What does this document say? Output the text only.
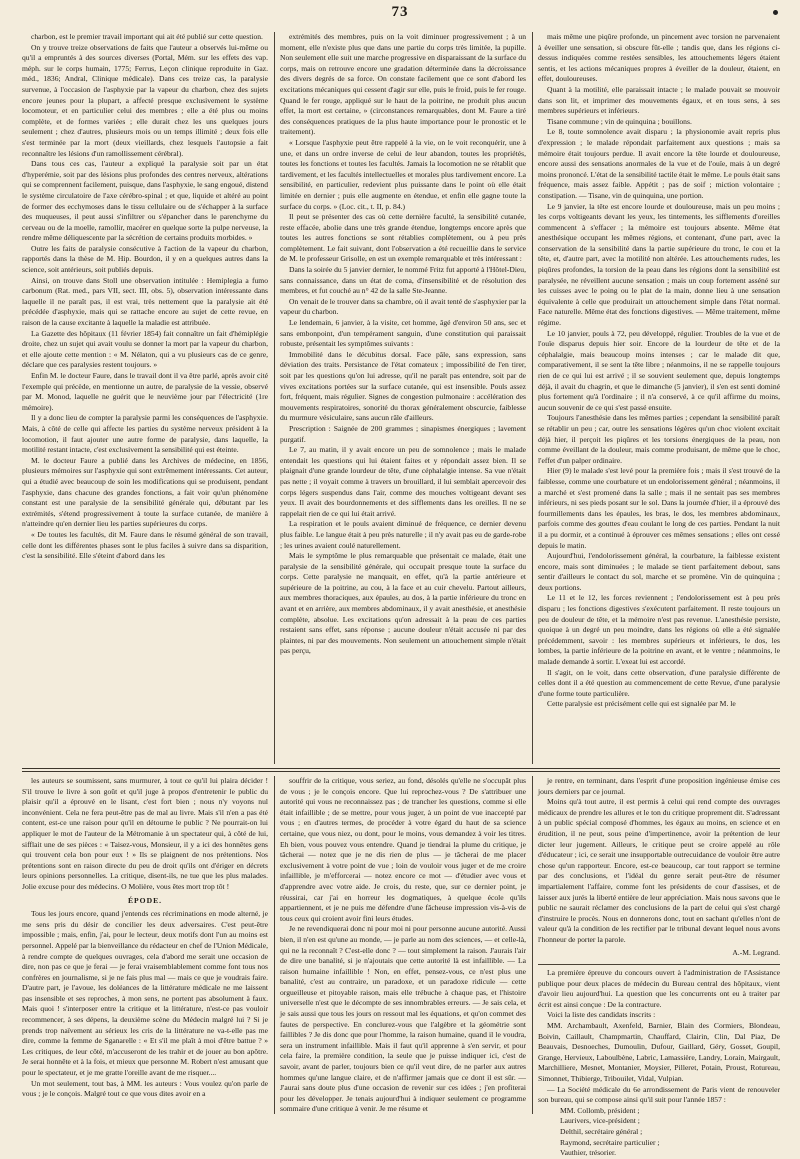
73

charbon, est le premier travail important qui ait été publié sur cette question.

On y trouve treize observations de faits que l'auteur a observés lui-même ou qu'il a empruntés à des sources diverses (Portal, Mém. sur les effets des vap. méph. sur le corps humain, 1775; Ferrus, Leçon clinique reproduite in Gaz. méd., 1836; Andral, Clinique médicale). Dans ces treize cas, la paralysie survenue, à l'occasion de l'asphyxie par la vapeur du charbon, chez des sujets encore jeunes pour la plupart, a affecté presque exclusivement le système locomoteur, et en particulier celui des membres ; elle a été plus ou moins complète, et de formes variées ; elle durait chez les uns quelques jours seulement ; chez d'autres, plusieurs mois ou un temps illimité ; deux fois elle s'est terminée par la mort (deux vieillards, chez lesquels l'autopsie a fait reconnaître les lésions d'un ramollissement cérébral).

Dans tous ces cas, l'auteur a expliqué la paralysie soit par un état d'hyperémie, soit par des lésions plus profondes des centres nerveux, altérations qui se comprennent facilement, puisque, dans l'asphyxie, le sang engoué, distend le système circulatoire de l'axe cérébro-spinal ; et que, liquide et altéré au point de former des ecchymoses dans le tissu cellulaire ou de s'échapper à la surface des muqueuses, il peut aussi s'infiltrer ou s'épancher dans le parenchyme du cerveau ou de la moelle, ramollir, macérer en quelque sorte la pulpe nerveuse, la rendre même déliquescente par la sécrétion de certains produits morbides. »

Outre les faits de paralysie consécutive à l'action de la vapeur du charbon, rapportés dans la thèse de M. Hip. Bourdon, il y en a quelques autres dans la science, soit antérieurs, soit publiés depuis.

Ainsi, on trouve dans Stoll une observation intitulée : Hemiplegia a fumo carbonum (Rat. med., pars VII, sect. III, obs. 5), observation intéressante dans laquelle il ne paraît pas, il est vrai, très nettement que la paralysie ait été précédée d'asphyxie, mais qui se rattache encore au sujet de cette revue, en raison de la cause excitante à laquelle la maladie est attribuée.

La Gazette des hôpitaux (11 février 1854) fait connaître un fait d'hémiplégie droite, chez un sujet qui avait voulu se donner la mort par la vapeur du charbon, et elle ajoute cette mention : « M. Nélaton, qui a vu plusieurs cas de ce genre, déclare que ces paralysies restent toujours. »

Enfin M. le docteur Faure, dans le travail dont il va être parlé, après avoir cité l'exemple qui précède, en mentionne un autre, de paralysie de la vessie, observé par M. Monod, laquelle ne guérit que le neuvième jour par l'électricité (1re mémoire).

Il y a donc lieu de compter la paralysie parmi les conséquences de l'asphyxie. Mais, à côté de celle qui affecte les parties du système nerveux président à la locomotion, il faut ajouter une autre forme de paralysie, dans laquelle, la motilité restant intacte, c'est exclusivement la sensibilité qui est éteinte.

M. le docteur Faure a publié dans les Archives de médecine, en 1856, plusieurs mémoires sur l'asphyxie qui sont extrêmement intéressants. Cet auteur, qui a étudié avec beaucoup de soin les modifications qui se produisent, pendant l'asphyxie, dans chacune des grandes fonctions, a fait voir qu'un phénomène constant est une paralysie de la sensibilité générale qui, débutant par les extrémités, s'étend progressivement à toute la surface cutanée, de manière à n'atteindre qu'en dernier lieu les parties supérieures du corps.

« De toutes les facultés, dit M. Faure dans le résumé général de son travail, celle dont les différentes phases sont le plus faciles à suivre dans sa disparition, c'est la sensibilité. Elle s'éteint d'abord dans les

extrémités des membres, puis on la voit diminuer progressivement ; à un moment, elle n'existe plus que dans une partie du corps très limitée, la pupille. Non seulement elle suit une marche progressive en disparaissant de la surface du corps, mais on retrouve encore une gradation déterminée dans la décroissance des divers degrés de sa force. On constate facilement que ce sont d'abord les excitations mécaniques qui cessent d'agir sur elle, puis le froid, puis le fer rouge. Quand le fer rouge, appliqué sur le haut de la poitrine, ne produit plus aucun effet, la mort est certaine, » (circonstances remarquables, dont M. Faure a tiré des conséquences pratiques de la plus haute importance pour le pronostic et le traitement).

« Lorsque l'asphyxie peut être rappelé à la vie, on le voit reconquérir, une à une, et dans un ordre inverse de celui de leur abandon, toutes les propriétés, toutes les fonctions et toutes les facultés. Jamais la locomotion ne se rétablit que tardivement, et les facultés intellectuelles et morales plus tardivement encore. La sensibilité, en particulier, redevient plus puissante dans le point où elle était limitée en dernier ; puis elle augmente en étendue, et enfin elle gagne toute la surface du corps. » (Loc. cit., t. II, p. 84.)

Il peut se présenter des cas où cette dernière faculté, la sensibilité cutanée, reste effacée, abolie dans une très grande étendue, longtemps encore après que toutes les autres fonctions se sont rétablies complètement, ou à peu près complètement. Le fait suivant, dont l'observation a été recueillie dans le service de M. le professeur Grisolle, en est un exemple remarquable et très intéressant :

Dans la soirée du 5 janvier dernier, le nommé Fritz fut apporté à l'Hôtel-Dieu, sans connaissance, dans un état de coma, d'insensibilité et de résolution des membres, et fut couché au n° 42 de la salle Ste-Jeanne.

On venait de le trouver dans sa chambre, où il avait tenté de s'asphyxier par la vapeur du charbon.

Le lendemain, 6 janvier, à la visite, cet homme, âgé d'environ 50 ans, sec et sans embonpoint, d'un tempérament sanguin, d'une constitution qui paraissait robuste, présentait les symptômes suivants :

Immobilité dans le décubitus dorsal. Face pâle, sans expression, sans déviation des traits. Persistance de l'état comateux ; impossibilité de l'en tirer, soit par les questions qu'on lui adresse, qu'il ne paraît pas entendre, soit par de vives excitations portées sur la surface cutanée, qui est insensible. Pouls assez fort, fréquent, mais régulier. Signes de congestion pulmonaire : accélération des mouvements respiratoires, sonorité du thorax généralement obscurcie, faiblesse du murmure vésiculaire, sans aucun râle d'ailleurs.

Prescription : Saignée de 200 grammes ; sinapismes énergiques ; lavement purgatif.

Le 7, au matin, il y avait encore un peu de somnolence ; mais le malade entendait les questions qui lui étaient faites et y répondait assez bien. Il se plaignait d'une grande lourdeur de tête, d'une céphalalgie intense. Sa vue n'était pas nette ; il voyait comme à travers un brouillard, il lui semblait apercevoir des corps légers suspendus dans l'air, comme des mouches voltigeant devant ses yeux. Il avait des bourdonnements et des sifflements dans les oreilles. Il ne se rappelait rien de ce qui lui était arrivé.

La respiration et le pouls avaient diminué de fréquence, ce dernier devenu plus faible. Le langue était à peu près naturelle ; il n'y avait pas eu de garde-robe ; les urines avaient coulé naturellement.

Mais le symptôme le plus remarquable que présentait ce malade, était une paralysie de la sensibilité générale, qui occupait presque toute la surface du corps. Cette paralysie ne manquait, en effet, qu'à la partie antérieure et supérieure de la poitrine, au cou, à la face et au cuir chevelu. Partout ailleurs, aux membres thoraciques, aux épaules, au dos, à la partie inférieure du tronc en avant et en arrière, aux membres abdominaux, il y avait anesthésie, et anesthésie complète, absolue. Les excitations qu'on adressait à la peau de ces parties restaient sans effet, sans réponse ; aucune douleur n'était accusée ni par des plaintes, ni par des mouvements. Non seulement un attouchement simple n'était pas perçu,

mais même une piqûre profonde, un pincement avec torsion ne parvenaient à éveiller une sensation, si obscure fût-elle ; tandis que, dans les régions ci-dessus indiquées comme restées sensibles, les attouchements légers étaient sentis, et les actions mécaniques propres à éveiller de la douleur, étaient, en effet, douloureuses.

Quant à la motilité, elle paraissait intacte ; le malade pouvait se mouvoir dans son lit, et imprimer des mouvements égaux, et en tous sens, à ses membres supérieurs et inférieurs.

Tisane commune ; vin de quinquina ; bouillons.

Le 8, toute somnolence avait disparu ; la physionomie avait repris plus d'expression ; le malade répondait parfaitement aux questions ; mais sa mémoire était toujours perdue. Il avait encore la tête lourde et douloureuse, encore aussi des sensations anormales de la vue et de l'ouïe, mais à un degré moins prononcé. L'état de la sensibilité tactile était le même. Le pouls était sans fréquence, mais assez faible. Appétit ; pas de soif ; miction volontaire ; constipation. — Tisane, vin de quinquina, une portion.

Le 9 janvier, la tête est encore lourde et douloureuse, mais un peu moins ; les corps voltigeants devant les yeux, les tintements, les sifflements d'oreilles commencent à s'effacer ; la mémoire est toujours absente. Même état anesthésique occupant les mêmes régions, et contenant, d'une part, avec la conservation de la sensibilité dans la partie supérieure du tronc, le cou et la tête, et, d'autre part, avec la motilité non altérée. Les attouchements rudes, les piqûres profondes, la torsion de la peau dans les régions dont la sensibilité est paralysée, ne réveillent aucune sensation ; mais un coup fortement asséné sur les cuisses avec le poing ou le plat de la main, donne lieu à une sensation équivalente à celle que produirait un attouchement simple dans l'état normal. Face naturelle. Même état des fonctions digestives. — Même traitement, même régime.

Le 10 janvier, pouls à 72, peu développé, régulier. Troubles de la vue et de l'ouïe disparus depuis hier soir. Encore de la lourdeur de tête et de la céphalalgie, mais beaucoup moins intenses ; car le malade dit que, comparativement, il se sent la tête libre ; néanmoins, il ne se rappelle toujours rien de ce qui lui est arrivé ; il se souvient seulement que, depuis longtemps déjà, il avait du chagrin, et que le dimanche (5 janvier), il s'en est senti dominé plus fortement qu'à l'ordinaire ; il n'a conservé, à ce qu'il affirme du moins, aucun souvenir de ce qui s'est passé ensuite.

Toujours l'anesthésie dans les mêmes parties ; cependant la sensibilité paraît se rétablir un peu ; car, outre les sensations légères qu'un choc violent excitait déjà hier, il perçoit les piqûres et les torsions énergiques de la peau, non comme éveillant de la douleur, mais comme produisant, de même que le choc, l'effet d'un palper ordinaire.

Hier (9) le malade s'est levé pour la première fois ; mais il s'est trouvé de la faiblesse, comme une courbature et un endolorissement général ; néanmoins, il a marché et s'est promené dans la salle ; mais il ne sentait pas ses membres inférieurs, ni ses pieds posant sur le sol. Dans la journée d'hier, il a éprouvé des fourmillements dans les épaules, les bras, le dos, les membres abdominaux, parfois comme des gouttes d'eau coulant le long de ces parties. Pendant la nuit il a pu dormir, et a continué à éprouver ces mêmes sensations ; elles ont cessé depuis le matin.

Aujourd'hui, l'endolorissement général, la courbature, la faiblesse existent encore, mais sont diminuées ; le malade se tient parfaitement debout, sans sentir d'ailleurs le contact du sol, marche et se promène. Vin de quinquina ; deux portions.

Le 11 et le 12, les forces reviennent ; l'endolorissement est à peu près disparu ; les fonctions digestives s'exécutent parfaitement. Il reste toujours un peu de douleur de tête, et la mémoire n'est pas revenue. L'anesthésie persiste, quoique à un degré un peu moindre, dans les régions où elle a été signalée précédemment, savoir : les membres supérieurs et inférieurs, le dos, les lombes, la partie inférieure de la poitrine en avant, et le ventre ; néanmoins, le malade demande à sortir. L'exeat lui est accordé.

Il s'agit, on le voit, dans cette observation, d'une paralysie différente de celles dont il a été question au commencement de cette Revue, d'une paralysie d'une forme toute particulière.

Cette paralysie est précisément celle qui est signalée par M. le

les auteurs se soumissent, sans murmurer, à tout ce qu'il lui plaira décider ! S'il trouve le livre à son goût et qu'il juge à propos d'entretenir le public du plaisir qu'il a éprouvé en le lisant, c'est fort bien ; nous n'y voyons nul inconvénient. Cela ne fera peut-être pas de mal au livre. Mais s'il n'en a pas été content, est-ce une raison pour qu'il en détourne le public ? Ne pourrait-on lui appliquer le mot de l'auteur de la Métromanie à un spectateur qui, à côté de lui, sifflait une de ses pièces : « Taisez-vous, Monsieur, il y a ici des honnêtes gens qui trouvent cela bon pour eux ! » Ils se plaignent de nos prétentions. Nos prétentions sont en raison directe du peu de droit qu'ils ont d'ériger en décrets leurs opinions personnelles. La critique, disent-ils, ne tue que les plus malades. Jolie excuse pour des médecins. O Molière, vous êtes mort trop tôt !

ÉPODE.

Tous les jours encore, quand j'entends ces récriminations en mode alterné, je me sens pris du désir de concilier les deux adversaires. C'est peut-être impossible ; mais, enfin, j'ai, pour le lecteur, deux motifs dont l'un au moins est personnel. Appelé par la bienveillance du rédacteur en chef de l'Union Médicale, à rendre compte de quelques ouvrages, cela d'abord me serait une occasion de dire, non pas ce que je ferai — je ferai vraisemblablement comme font tous nos confrères en journalisme, si je ne fais plus mal — mais ce que je voudrais faire. D'autre part, je l'avoue, les doléances de la littérature médicale ne me laissent pas insensible et ses reproches, à mon sens, ne portent pas absolument à faux. Mais quoi ! s'interposer entre la critique et la littérature, n'est-ce pas vouloir recommencer, à ses dépens, la deuxième scène du Médecin malgré lui ? Si je prends trop naïvement au sérieux les cris de la littérature ne va-t-elle pas me dire, comme la femme de Sganarelle : « Et s'il me plaît à moi d'être battue ? » Les critiques, de leur côté, m'accuseront de les trahir et de jouer au bon apôtre. Je serai honnête et à la fois, et mieux que personne M. Robert n'est amusant que pour le spectateur, et je me gratte l'oreille avant de me risquer....

Un mot seulement, tout bas, à MM. les auteurs : Vous voulez qu'on parle de vous ; je le conçois. Malgré tout ce que vous dites avoir en a

souffrir de la critique, vous seriez, au fond, désolés qu'elle ne s'occupât plus de vous ; je le conçois encore. Que lui reprochez-vous ? De s'attribuer une autorité qui vous ne reconnaissez pas ; de trancher les questions, comme si elle était infaillible ; de se mettre, pour vous juger, à un point de vue inaccepté par vous ; en d'autres termes, de procéder à votre égard du haut de sa science certaine, que vous niez, ou dont, pour le moins, vous demandez à voir les titres. Eh bien, vous pouvez vous entendre. Quand je tiendrai la plume du critique, je tâcherai — notez que je ne dis rien de plus — je tâcherai de me placer exclusivement à votre point de vue ; loin de vouloir vous juger et de me croire infaillible, je m'efforcerai — notez encore ce mot — d'étudier avec vous et d'apprendre avec votre aide. Je crois, du reste, que, sur ce dernier point, je réussirai, car j'ai en horreur les dogmatiques, à quelque école qu'ils appartiennent, et je ne puis me défendre d'une fâcheuse impression vis-à-vis de tous ceux qui croient avoir fini leurs études.

Je ne revendiquerai donc ni pour moi ni pour personne aucune autorité. Aussi bien, il n'en est qu'une au monde, — je parle au nom des sciences, — et celle-là, qui ne la reconnaît ? C'est-elle donc ? — tout simplement la raison. J'aurais l'air de dire une banalité, si je n'ajoutais que cette autorité là est infaillible. — La raison humaine infaillible ! Non, en effet, pensez-vous, ce n'est plus une banalité, c'est au contraire, un paradoxe, et un paradoxe ridicule — cette orgueilleuse et pitoyable raison, mais elle trébuche à chaque pas, et l'histoire universelle n'est que le décompte de ses innombrables erreurs. — Je sais cela, et je sais aussi que tous les jours on ressout mal les équations, et qu'on commet des fautes de perspective. En conclurez-vous que l'algèbre et la géométrie sont faillibles ? Je dis donc que pour l'homme, la raison humaine, quand il le voudra, sera un instrument infaillible. Mais il faut qu'il apprenne à s'en servir, et pour cela faire, la première condition, la seule que je puisse indiquer ici, c'est de savoir, avant de parler, toujours bien ce qu'il veut dire, de ne parler aux autres hommes qu'une langue claire, et de n'affirmer jamais que ce dont il est sûr. — J'aurai sans doute plus d'une occasion de revenir sur ces idées ; j'en profiterai pour les développer. Je tenais aujourd'hui à indiquer seulement ce programme sommaire d'une critique à venir. Je me résume et

je rentre, en terminant, dans l'esprit d'une proposition ingénieuse émise ces jours derniers par ce journal.

Moins qu'à tout autre, il est permis à celui qui rend compte des ouvrages médicaux de prendre les allures et le ton du critique proprement dit. S'adressant à un public spécial composé d'hommes, les égaux au moins, en science et en érudition, il ne peut, sous peine d'impertinence, avoir la prétention de leur dicter leur jugement. Ailleurs, le critique peut se croire appelé au rôle d'éducateur ; ici, ce serait une insupportable outrecuidance de vouloir être autre chose qu'un rapporteur. Encore, est-ce beaucoup, car tout rapport se termine par des conclusions, et l'idéal du genre serait peut-être de résumer impartialement l'affaire, comme font les présidents de cour d'assises, et de laisser aux jurés la liberté entière de leur appréciation. Mais nous savons que le public ne saurait réclamer des conclusions de la part de celui qui s'est chargé d'instruire le procès. Nous en donnerons donc, tout en sachant qu'elles n'ont de valeur qu'à la condition de les rectifier par le tribunal devant lequel nous avons l'honneur de porter la parole.

A.-M. Legrand.

La première épreuve du concours ouvert à l'administration de l'Assistance publique pour deux places de médecin du Bureau central des hôpitaux, vient d'avoir lieu aujourd'hui. La question que les concurrents ont eu à traiter par écrit est ainsi conçue : De la contracture.

Voici la liste des candidats inscrits :

MM. Archambault, Axenfeld, Barnier, Blain des Cormiers, Blondeau, Boivin, Caillault, Champmartin, Chauffard, Clairin, Clin, Dal Piaz, De Beauvais, Desnoeches, Dumoulin, Dufour, Gaillard, Géry, Gosset, Goupil, Grange, Hervieux, Laboulbène, Labric, Lamassière, Landry, Lorain, Mairgault, Marchilliere, Mesnet, Montanier, Moysier, Pilleret, Potain, Proust, Rotureau, Simonnet, Thibierge, Tribouilet, Vidal, Vulpian.

— La Société médicale du 6e arrondissement de Paris vient de renouveler son bureau, qui se compose ainsi qu'il suit pour l'année 1857 :

MM. Collomb, président ;

Laurivers, vice-président ;

Delthil, secrétaire général ;

Raymond, secrétaire particulier ;

Vauthier, trésorier.
